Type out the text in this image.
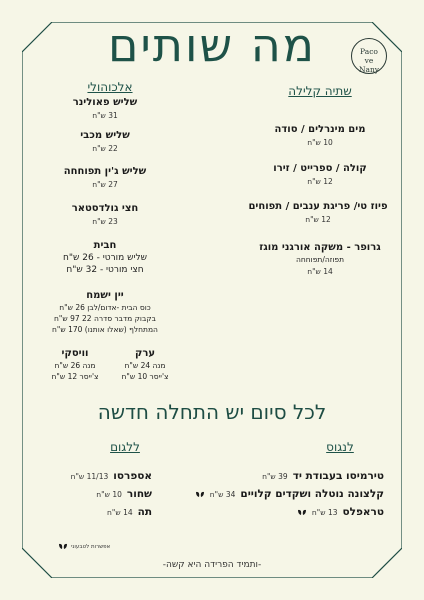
מה שותים	Paco
ve
Nany
אלכוהולי
שליש פאולינר
31 ש"ח
שליש מכבי
22 ש"ח
שליש ג'ין תפוחחה
27 ש"ח
חצי גולדסטאר
23 ש"ח
חבית
שליש מורטי - 26 ש"ח
חצי מורטי - 32 ש"ח
יין ישמח
כוס הבית -אדום/לבן 26 ש"ח
בקבוק מדבר סדרה 22 97 ש"ח
המתחלף (שאלו אותנו) 170 ש"ח
וויסקי
מנה 26 ש"ח
צ'ייסר 12 ש"ח
ערק
מנה 24 ש"ח
צ'ייסר 10 ש"ח
שתיה קלילה
מים מינרלים / סודה
10 ש"ח
קולה / ספרייט / זירו
12 ש"ח
פיוז טי/ פריגת ענבים / תפוחים
12 ש"ח
גרופר - משקה אורגני מוגז
תפוזה/תפוחחה
14 ש"ח
לכל סיום יש התחלה חדשה
ללגום
אספרסו
11/13 ש"ח
שחור
10 ש"ח
תה
14 ש"ח
לנגוס
טירמיסו בעבודת יד
39 ש"ח
קלצונה נוטלה ושקדים קלויים
34 ש"ח
טראפלס
13 ש"ח
אפשרות לטבעוני
-ותמיד הפרידה היא קשה-
